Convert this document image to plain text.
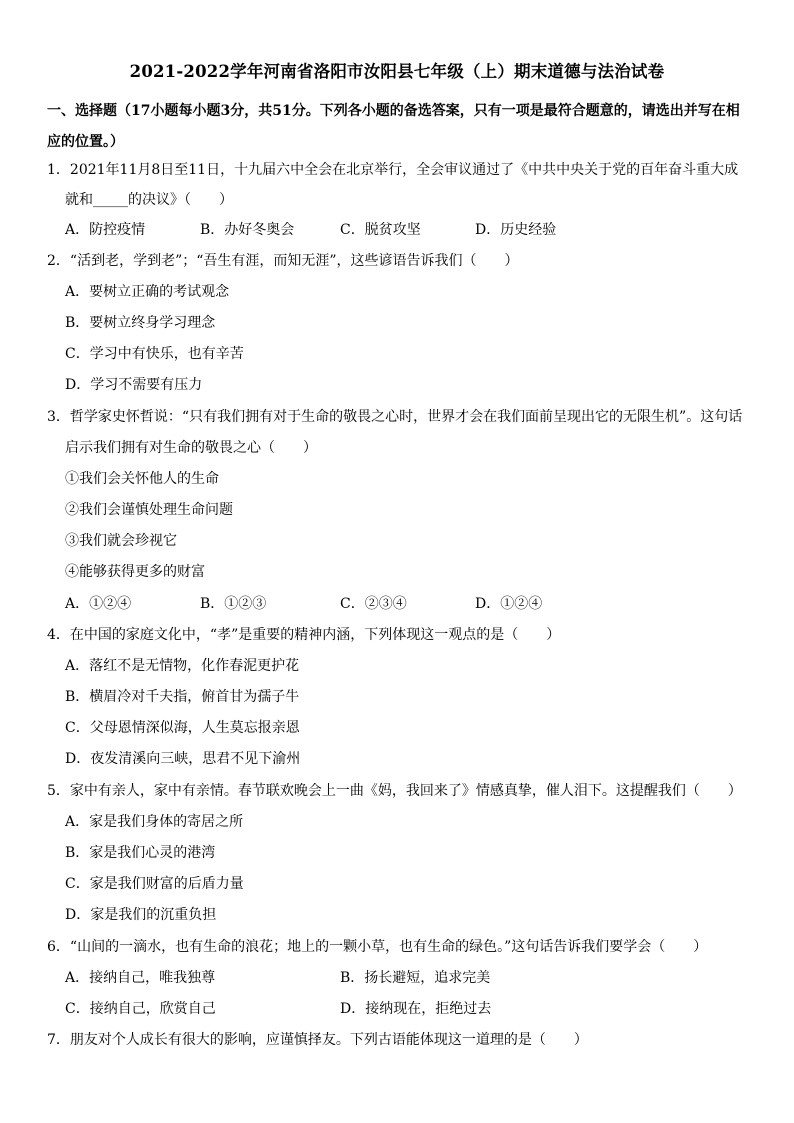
2021-2022学年河南省洛阳市汝阳县七年级（上）期末道德与法治试卷
一、选择题（17小题每小题3分，共51分。下列各小题的备选答案，只有一项是最符合题意的，请选出并写在相应的位置。）
1．2021年11月8日至11日，十九届六中全会在北京举行，全会审议通过了《中共中央关于党的百年奋斗重大成
就和_____的决议》（　　）
A．防控疫情	B．办好冬奥会	C．脱贫攻坚	D．历史经验
2．“活到老，学到老”；“吾生有涯，而知无涯”，这些谚语告诉我们（　　）
A．要树立正确的考试观念
B．要树立终身学习理念
C．学习中有快乐，也有辛苦
D．学习不需要有压力
3．哲学家史怀哲说：“只有我们拥有对于生命的敬畏之心时，世界才会在我们面前呈现出它的无限生机”。这句话
启示我们拥有对生命的敬畏之心（　　）
①我们会关怀他人的生命
②我们会谨慎处理生命问题
③我们就会珍视它
④能够获得更多的财富
A．①②④	B．①②③	C．②③④	D．①②④
4．在中国的家庭文化中，“孝”是重要的精神内涵，下列体现这一观点的是（　　）
A．落红不是无情物，化作春泥更护花
B．横眉冷对千夫指，俯首甘为孺子牛
C．父母恩情深似海，人生莫忘报亲恩
D．夜发清溪向三峡，思君不见下渝州
5．家中有亲人，家中有亲情。春节联欢晚会上一曲《妈，我回来了》情感真挚，催人泪下。这提醒我们（　　）
A．家是我们身体的寄居之所
B．家是我们心灵的港湾
C．家是我们财富的后盾力量
D．家是我们的沉重负担
6．“山间的一滴水，也有生命的浪花；地上的一颗小草，也有生命的绿色。”这句话告诉我们要学会（　　）
A．接纳自己，唯我独尊	B．扬长避短，追求完美
C．接纳自己，欣赏自己	D．接纳现在，拒绝过去
7．朋友对个人成长有很大的影响，应谨慎择友。下列古语能体现这一道理的是（　　）
